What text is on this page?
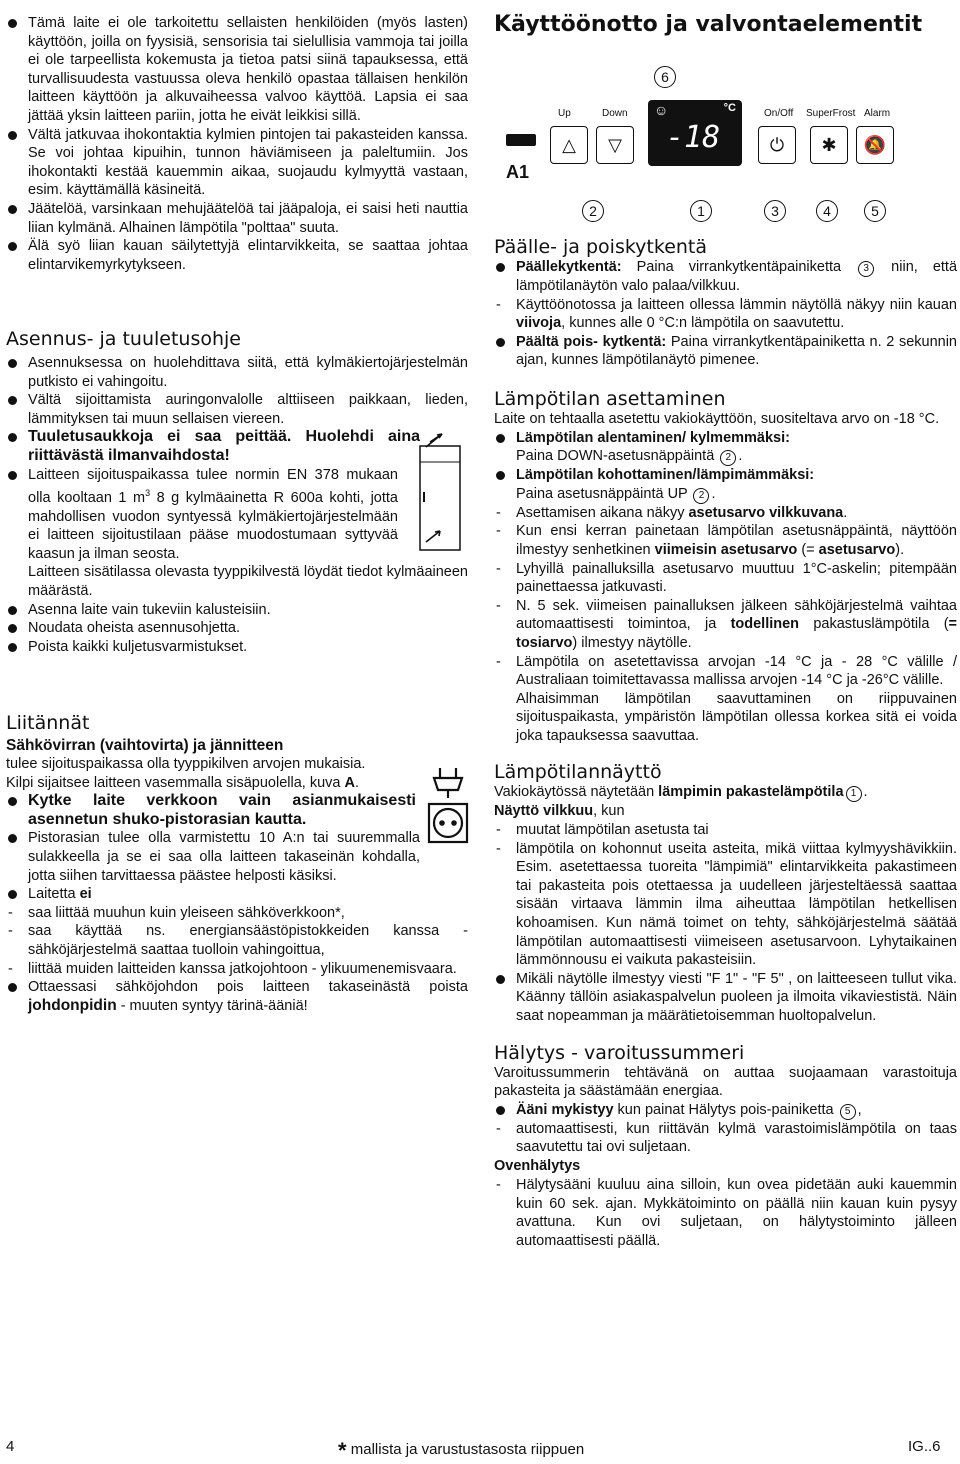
Tämä laite ei ole tarkoitettu sellaisten henkilöiden (myös lasten) käyttöön, joilla on fyysisiä, sensorisia tai sielullisia vammoja tai joilla ei ole tarpeellista kokemusta ja tietoa patsi siinä tapauksessa, että turvallisuudesta vastuussa oleva henkilö opastaa tällaisen henkilön laitteen käyttöön ja alkuvaiheessa valvoo käyttöä. Lapsia ei saa jättää yksin laitteen pariin, jotta he eivät leikkisi sillä.

Vältä jatkuvaa ihokontaktia kylmien pintojen tai pakasteiden kanssa. Se voi johtaa kipuihin, tunnon häviämiseen ja paleltumiin. Jos ihokontakti kestää kauemmin aikaa, suojaudu kylmyyttä vastaan, esim. käyttämällä käsineitä.

Jäätelöä, varsinkaan mehujäätelöä tai jääpaloja, ei saisi heti nauttia liian kylmänä. Alhainen lämpötila "polttaa" suuta.

Älä syö liian kauan säilytettyjä elintarvikkeita, se saattaa johtaa elintarvikemyrkytykseen.

Asennus- ja tuuletusohje

Asennuksessa on huolehdittava siitä, että kylmäkiertojärjestelmän putkisto ei vahingoitu.

Vältä sijoittamista auringonvalolle alttiiseen paikkaan, lieden, lämmityksen tai muun sellaisen viereen.

Tuuletusaukkoja ei saa peittää. Huolehdi aina riittävästä ilmanvaihdosta!

Laitteen sijoituspaikassa tulee normin EN 378 mukaan olla kooltaan 1 $m^3$ 8 g kylmäainetta R 600a kohti, jotta mahdollisen vuodon syntyessä kylmäkiertojärjestelmään ei laitteen sijoitustilaan pääse muodostumaan syttyvää kaasun ja ilman seosta.

Laitteen sisätilassa olevasta tyyppikilvestä löydät tiedot kylmäaineen määrästä.

Asenna laite vain tukeviin kalusteisiin.

Noudata oheista asennusohjetta.

Poista kaikki kuljetusvarmistukset.

Liitännät

Sähkövirran (vaihtovirta) ja jännitteen

tulee sijoituspaikassa olla tyyppikilven arvojen mukaisia.

Kilpi sijaitsee laitteen vasemmalla sisäpuolella, kuva A.

Kytke laite verkkoon vain asianmukaisesti asennetun shuko-pistorasian kautta.

Pistorasian tulee olla varmistettu 10 A:n tai suuremmalla sulakkeella ja se ei saa olla laitteen takaseinän kohdalla, jotta siihen tarvittaessa päästee helposti käsiksi.

Laitetta ei

- saa liittää muuhun kuin yleiseen sähköverkkoon*,

- saa käyttää ns. energiansäästöpistokkeiden kanssa - sähköjärjestelmä saattaa tuolloin vahingoittua,

- liittää muiden laitteiden kanssa jatkojohtoon - ylikuumenemisvaara.

Ottaessasi sähköjohdon pois laitteen takaseinästä poista johdonpidin - muuten syntyy tärinä-ääniä!

Käyttöönotto ja valvontaelementit
6
A1
Up	Down
△ ▽
☺	°C
-18
On/Off SuperFrost Alarm
⏻ ✱ 🔕
2	1	3	4	5
Päälle- ja poiskytkentä

Päällekytkentä: Paina virrankytkentäpainiketta 3 niin, että lämpötilanäytön valo palaa/vilkkuu.

- Käyttöönotossa ja laitteen ollessa lämmin näytöllä näkyy niin kauan viivoja, kunnes alle 0 °C:n lämpötila on saavutettu.

Päältä pois- kytkentä: Paina virrankytkentäpainiketta n. 2 sekunnin ajan, kunnes lämpötilanäytö pimenee.

Lämpötilan asettaminen

Laite on tehtaalla asetettu vakiokäyttöön, suositeltava arvo on -18 °C.

Lämpötilan alentaminen/ kylmemmäksi:

Paina DOWN-asetusnäppäintä 2 .

Lämpötilan kohottaminen/lämpimämmäksi:

Paina asetusnäppäintä UP 2 .

- Asettamisen aikana näkyy asetusarvo vilkkuvana.

- Kun ensi kerran painetaan lämpötilan asetusnäppäintä, näyttöön ilmestyy senhetkinen viimeisin asetusarvo (= asetusarvo).

- Lyhyillä painalluksilla asetusarvo muuttuu 1°C-askelin; pitempään painettaessa jatkuvasti.

- N. 5 sek. viimeisen painalluksen jälkeen sähköjärjestelmä vaihtaa automaattisesti toimintoa, ja todellinen pakastuslämpötila (= tosiarvo) ilmestyy näytölle.

- Lämpötila on asetettavissa arvojan -14 °C ja - 28 °C välille / Australiaan toimitettavassa mallissa arvojen -14 °C ja -26°C välille.

Alhaisimman lämpötilan saavuttaminen on riippuvainen sijoituspaikasta, ympäristön lämpötilan ollessa korkea sitä ei voida joka tapauksessa saavuttaa.

Lämpötilannäyttö

Vakiokäytössä näytetään lämpimin pakastelämpötila 1 .

Näyttö vilkkuu, kun

- muutat lämpötilan asetusta tai

- lämpötila on kohonnut useita asteita, mikä viittaa kylmyyshävikkiin. Esim. asetettaessa tuoreita "lämpimiä" elintarvikkeita pakastimeen tai pakasteita pois otettaessa ja uudelleen järjesteltäessä saattaa sisään virtaava lämmin ilma aiheuttaa lämpötilan hetkellisen kohoamisen. Kun nämä toimet on tehty, sähköjärjestelmä säätää lämpötilan automaattisesti viimeiseen asetusarvoon. Lyhytaikainen lämmönnousu ei vaikuta pakasteisiin.

Mikäli näytölle ilmestyy viesti "F 1" - "F 5" , on laitteeseen tullut vika. Käänny tällöin asiakaspalvelun puoleen ja ilmoita vikaviestistä. Näin saat nopeamman ja määrätietoisemman huoltopalvelun.

Hälytys - varoitussummeri

Varoitussummerin tehtävänä on auttaa suojaamaan varastoituja pakasteita ja säästämään energiaa.

Ääni mykistyy kun painat Hälytys pois-painiketta 5 ,

- automaattisesti, kun riittävän kylmä varastoimislämpötila on taas saavutettu tai ovi suljetaan.

Ovenhälytys

- Hälytysääni kuuluu aina silloin, kun ovea pidetään auki kauemmin kuin 60 sek. ajan. Mykkätoiminto on päällä niin kauan kuin pysyy avattuna. Kun ovi suljetaan, on hälytystoiminto jälleen automaattisesti päällä.

4	* mallista ja varustustasosta riippuen	IG..6
